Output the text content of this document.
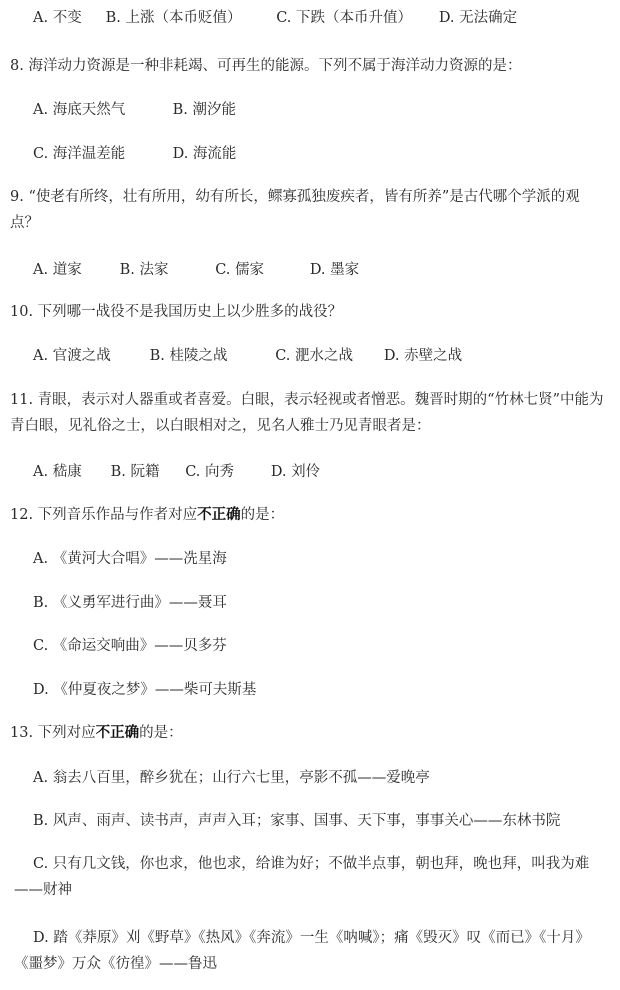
A. 不变 B. 上涨（本币贬值） C. 下跌（本币升值） D. 无法确定
8. 海洋动力资源是一种非耗竭、可再生的能源。下列不属于海洋动力资源的是：
A. 海底天然气	B. 潮汐能
C. 海洋温差能	D. 海流能
9. “使老有所终，壮有所用，幼有所长，鳏寡孤独废疾者，皆有所养”是古代哪个学派的观点？
A. 道家	B. 法家	C. 儒家	D. 墨家
10. 下列哪一战役不是我国历史上以少胜多的战役？
A. 官渡之战	B. 桂陵之战	C. 淝水之战 D. 赤壁之战
11. 青眼，表示对人器重或者喜爱。白眼，表示轻视或者憎恶。魏晋时期的“竹林七贤”中能为青白眼，见礼俗之士，以白眼相对之，见名人雅士乃见青眼者是：
A. 嵇康 B. 阮籍 C. 向秀	D. 刘伶
12. 下列音乐作品与作者对应不正确的是：
A. 《黄河大合唱》——冼星海
B. 《义勇军进行曲》——聂耳
C. 《命运交响曲》——贝多芬
D. 《仲夏夜之梦》——柴可夫斯基
13. 下列对应不正确的是：
A. 翁去八百里，醉乡犹在；山行六七里，亭影不孤——爱晚亭
B. 风声、雨声、读书声，声声入耳；家事、国事、天下事，事事关心——东林书院
C. 只有几文钱，你也求，他也求，给谁为好；不做半点事，朝也拜，晚也拜，叫我为难——财神
D. 踏《莽原》刈《野草》《热风》《奔流》一生《呐喊》；痛《毁灭》叹《而已》《十月》《噩梦》万众《彷徨》——鲁迅
